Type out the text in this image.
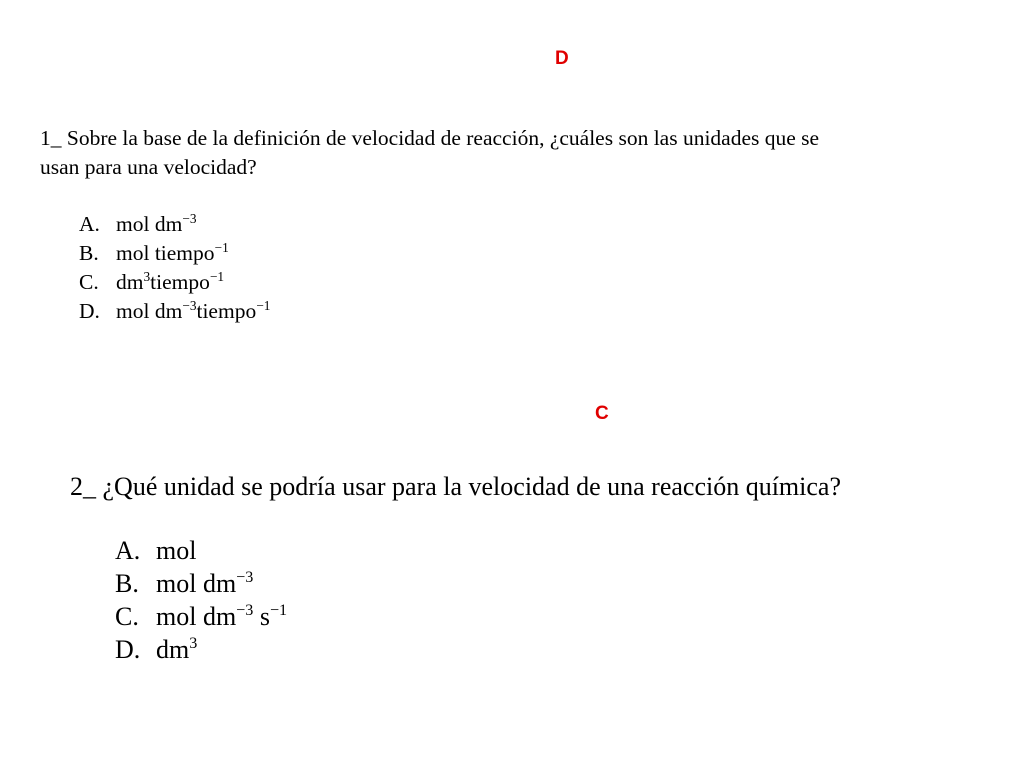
D

1_ Sobre la base de la definición de velocidad de reacción, ¿cuáles son las unidades que se
usan para una velocidad?

A. mol $dm^{-3}$
B. mol tiempo$^{-1}$
C. $dm^3tiempo^{-1}$
D. mol $dm^{-3}tiempo^{-1}$
C

2_ ¿Qué unidad se podría usar para la velocidad de una reacción química?

A. mol
B. mol $dm^{-3}$
C. mol $dm^{-3}$ $s^{-1}$
D. $dm^3$
